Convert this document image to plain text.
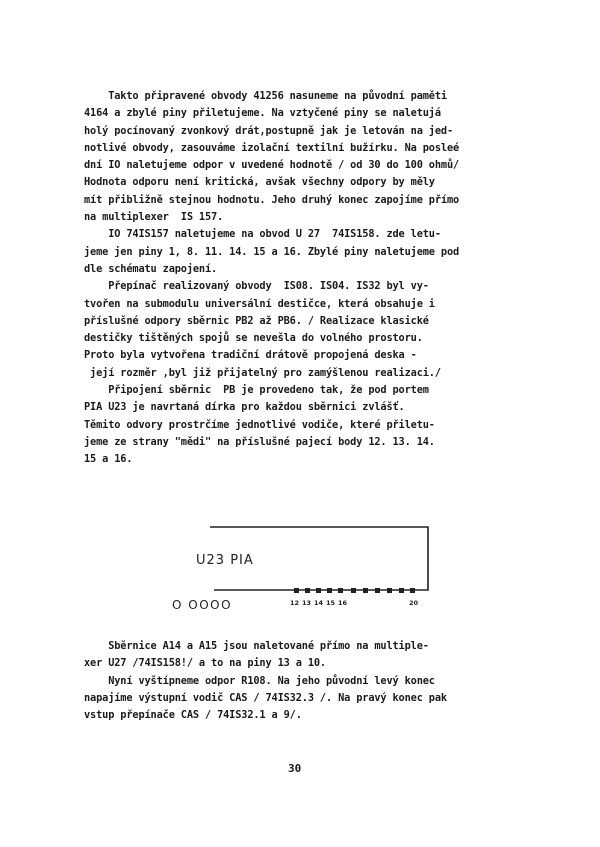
Takto připravené obvody 41256 nasuneme na původní paměti
4164 a zbylé piny přiletujeme. Na vztyčené piny se naletujá
holý pocínovaný zvonkový drát,postupně jak je letován na jed-
notlivé obvody, zasouváme izolační textilní bužírku. Na posleé
dní IO naletujeme odpor v uvedené hodnotě / od 30 do 100 ohmů/
Hodnota odporu není kritická, avšak všechny odpory by měly
mít přibližně stejnou hodnotu. Jeho druhý konec zapojíme přímo
na multiplexer  IS 157.
IO 74IS157 naletujeme na obvod U 27  74IS158. zde letu-
jeme jen piny 1, 8. 11. 14. 15 a 16. Zbylé piny naletujeme pod
dle schématu zapojení.
Přepínač realizovaný obvody  IS08. IS04. IS32 byl vy-
tvořen na submodulu universální destičce, která obsahuje i
příslušné odpory sběrnic PB2 až PB6. / Realizace klasické
destičky tištěných spojů se nevešla do volného prostoru.
Proto byla vytvořena tradiční drátově propojená deska -
její rozměr ,byl již přijatelný pro zamýšlenou realizaci./
Připojení sběrnic  PB je provedeno tak, že pod portem
PIA U23 je navrtaná dírka pro každou sběrnici zvlášť.
Těmito odvory prostrčíme jednotlivé vodiče, které přiletu-
jeme ze strany "mědi" na příslušné pajecí body 12. 13. 14.
15 a 16.
U23 PIA
O OOOO	12 13 14 15 16	20
Sběrnice A14 a A15 jsou naletované přímo na multiple-
xer U27 /74IS158!/ a to na piny 13 a 10.
Nyní vyštípneme odpor R108. Na jeho původní levý konec
napajíme výstupní vodič CAS / 74IS32.3 /. Na pravý konec pak
vstup přepínače CAS / 74IS32.1 a 9/.
30
